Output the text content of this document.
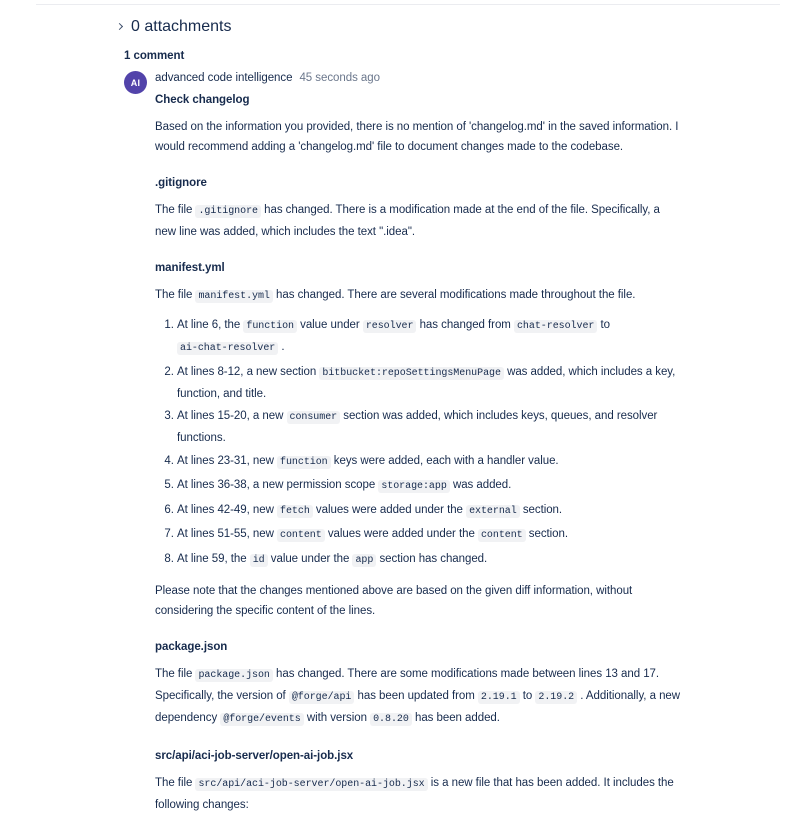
0 attachments
1 comment
AI	advanced code intelligence 45 seconds ago
Check changelog

Based on the information you provided, there is no mention of 'changelog.md' in the saved information. I would recommend adding a 'changelog.md' file to document changes made to the codebase.

.gitignore

The file .gitignore has changed. There is a modification made at the end of the file. Specifically, a new line was added, which includes the text ".idea".

manifest.yml

The file manifest.yml has changed. There are several modifications made throughout the file.

1. At line 6, the function value under resolver has changed from chat-resolver to ai-chat-resolver .
2. At lines 8-12, a new section bitbucket:repoSettingsMenuPage was added, which includes a key, function, and title.
3. At lines 15-20, a new consumer section was added, which includes keys, queues, and resolver functions.
4. At lines 23-31, new function keys were added, each with a handler value.
5. At lines 36-38, a new permission scope storage:app was added.
6. At lines 42-49, new fetch values were added under the external section.
7. At lines 51-55, new content values were added under the content section.
8. At line 59, the id value under the app section has changed.

Please note that the changes mentioned above are based on the given diff information, without considering the specific content of the lines.

package.json

The file package.json has changed. There are some modifications made between lines 13 and 17. Specifically, the version of @forge/api has been updated from 2.19.1 to 2.19.2 . Additionally, a new dependency @forge/events with version 0.8.20 has been added.

src/api/aci-job-server/open-ai-job.jsx

The file src/api/aci-job-server/open-ai-job.jsx is a new file that has been added. It includes the following changes:
